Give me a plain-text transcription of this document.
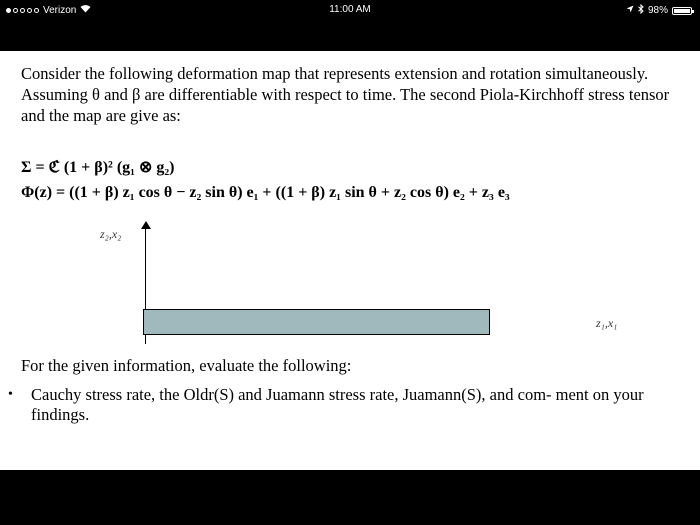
Verizon	11:00 AM	98%

Consider the following deformation map that represents extension and rotation simultaneously. Assuming θ and β are differentiable with respect to time. The second Piola-Kirchhoff stress tensor and the map are give as:

Σ = ℭ (1 + β)² (g₁ ⊗ g₂)
Φ(z) = ((1 + β) z₁ cos θ − z₂ sin θ) e₁ + ((1 + β) z₁ sin θ + z₂ cos θ) e₂ + z₃ e₃
z₂,x₂
z₁,x₁
For the given information, evaluate the following:
• Cauchy stress rate, the Oldr(S) and Juamann stress rate, Juamann(S), and com- ment on your findings.
